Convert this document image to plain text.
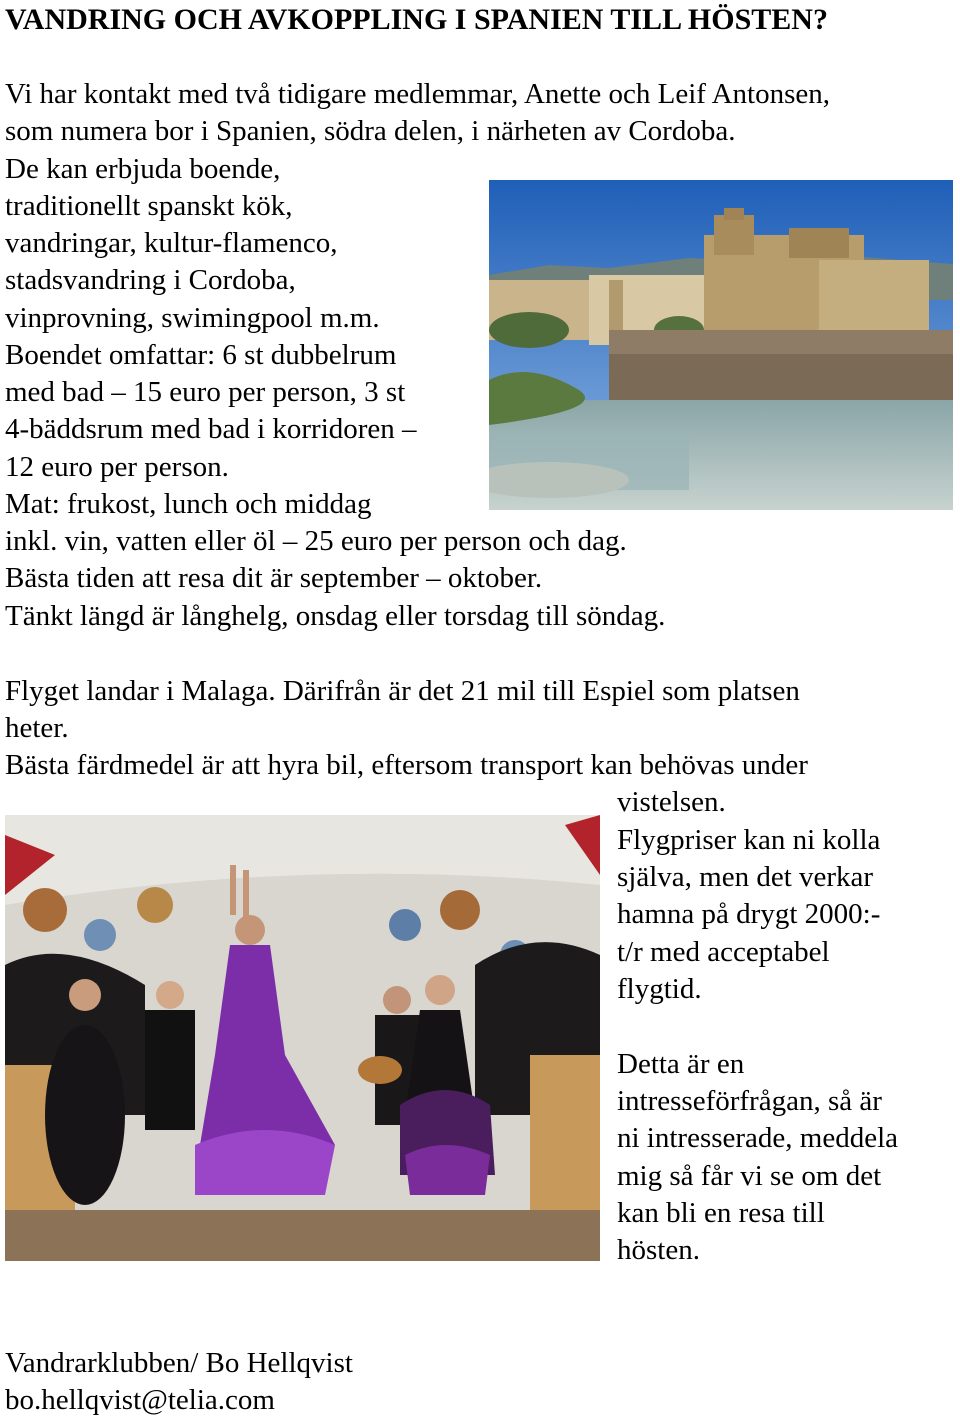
VANDRING OCH AVKOPPLING I SPANIEN TILL HÖSTEN?
Vi har kontakt med två tidigare medlemmar, Anette och Leif Antonsen,
som numera bor i Spanien, södra delen, i närheten av Cordoba.
De kan erbjuda boende,
traditionellt spanskt kök,
vandringar, kultur-flamenco,
stadsvandring i Cordoba,
vinprovning, swimingpool m.m.
Boendet omfattar: 6 st dubbelrum
med bad – 15 euro per person, 3 st
4-bäddsrum med bad i korridoren –
12 euro per person.
Mat: frukost, lunch och middag
inkl. vin, vatten eller öl – 25 euro per person och dag.
Bästa tiden att resa dit är september – oktober.
Tänkt längd är långhelg, onsdag eller torsdag till söndag.
Flyget landar i Malaga. Därifrån är det 21 mil till Espiel som platsen
heter.
Bästa färdmedel är att hyra bil, eftersom transport kan behövas under
vistelsen.
Flygpriser kan ni kolla
själva, men det verkar
hamna på drygt 2000:-
t/r med acceptabel
flygtid.
Detta är en
intresseförfrågan, så är
ni intresserade, meddela
mig så får vi se om det
kan bli en resa till
hösten.
Vandrarklubben/ Bo Hellqvist
bo.hellqvist@telia.com
